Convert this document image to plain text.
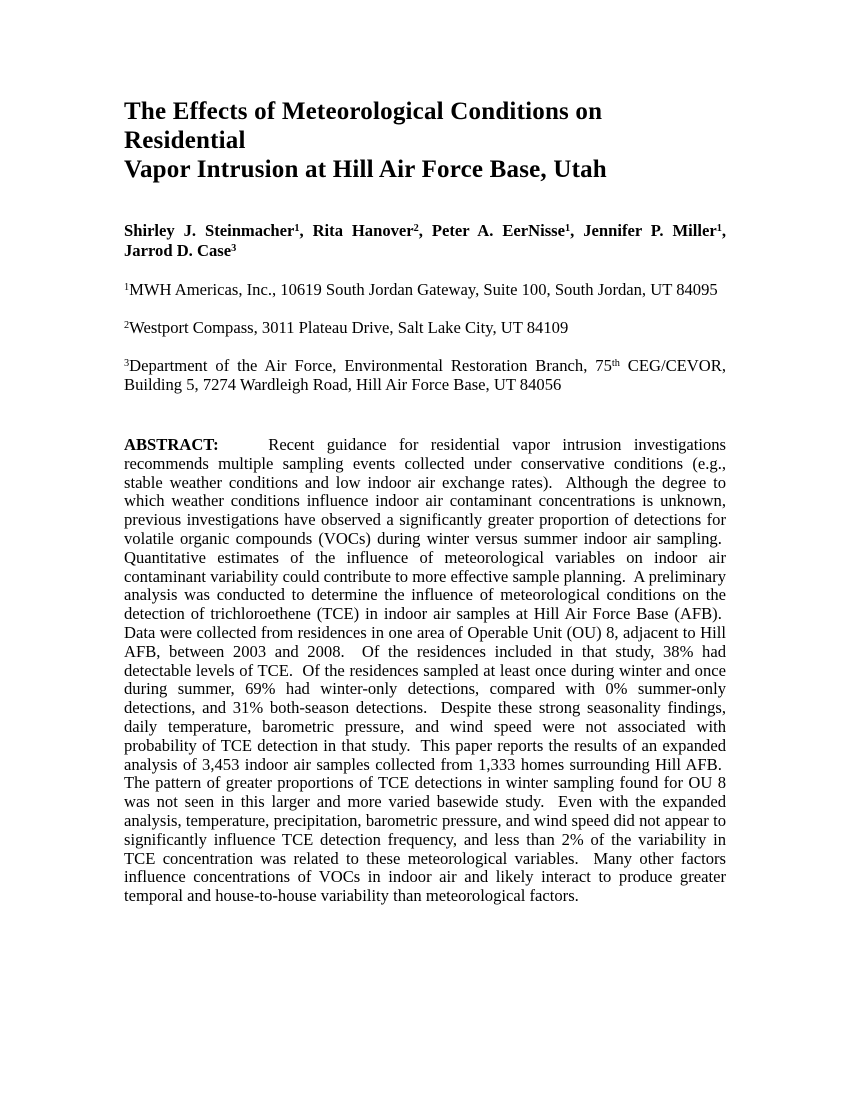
The Effects of Meteorological Conditions on Residential
Vapor Intrusion at Hill Air Force Base, Utah
Shirley J. Steinmacher$^1$, Rita Hanover$^2$, Peter A. EerNisse$^1$, Jennifer P. Miller$^1$,
Jarrod D. Case$^3$
$^1$MWH Americas, Inc., 10619 South Jordan Gateway, Suite 100, South Jordan, UT 84095
$^2$Westport Compass, 3011 Plateau Drive, Salt Lake City, UT 84109
$^3$Department of the Air Force, Environmental Restoration Branch, 75th CEG/CEVOR, Building 5, 7274 Wardleigh Road, Hill Air Force Base, UT 84056
ABSTRACT:    Recent guidance for residential vapor intrusion investigations recommends multiple sampling events collected under conservative conditions (e.g., stable weather conditions and low indoor air exchange rates).  Although the degree to which weather conditions influence indoor air contaminant concentrations is unknown, previous investigations have observed a significantly greater proportion of detections for volatile organic compounds (VOCs) during winter versus summer indoor air sampling.  Quantitative estimates of the influence of meteorological variables on indoor air contaminant variability could contribute to more effective sample planning.  A preliminary analysis was conducted to determine the influence of meteorological conditions on the detection of trichloroethene (TCE) in indoor air samples at Hill Air Force Base (AFB).  Data were collected from residences in one area of Operable Unit (OU) 8, adjacent to Hill AFB, between 2003 and 2008.  Of the residences included in that study, 38% had detectable levels of TCE.  Of the residences sampled at least once during winter and once during summer, 69% had winter-only detections, compared with 0% summer-only detections, and 31% both-season detections.  Despite these strong seasonality findings, daily temperature, barometric pressure, and wind speed were not associated with probability of TCE detection in that study.  This paper reports the results of an expanded analysis of 3,453 indoor air samples collected from 1,333 homes surrounding Hill AFB.  The pattern of greater proportions of TCE detections in winter sampling found for OU 8 was not seen in this larger and more varied basewide study.  Even with the expanded analysis, temperature, precipitation, barometric pressure, and wind speed did not appear to significantly influence TCE detection frequency, and less than 2% of the variability in TCE concentration was related to these meteorological variables.  Many other factors influence concentrations of VOCs in indoor air and likely interact to produce greater temporal and house-to-house variability than meteorological factors.
